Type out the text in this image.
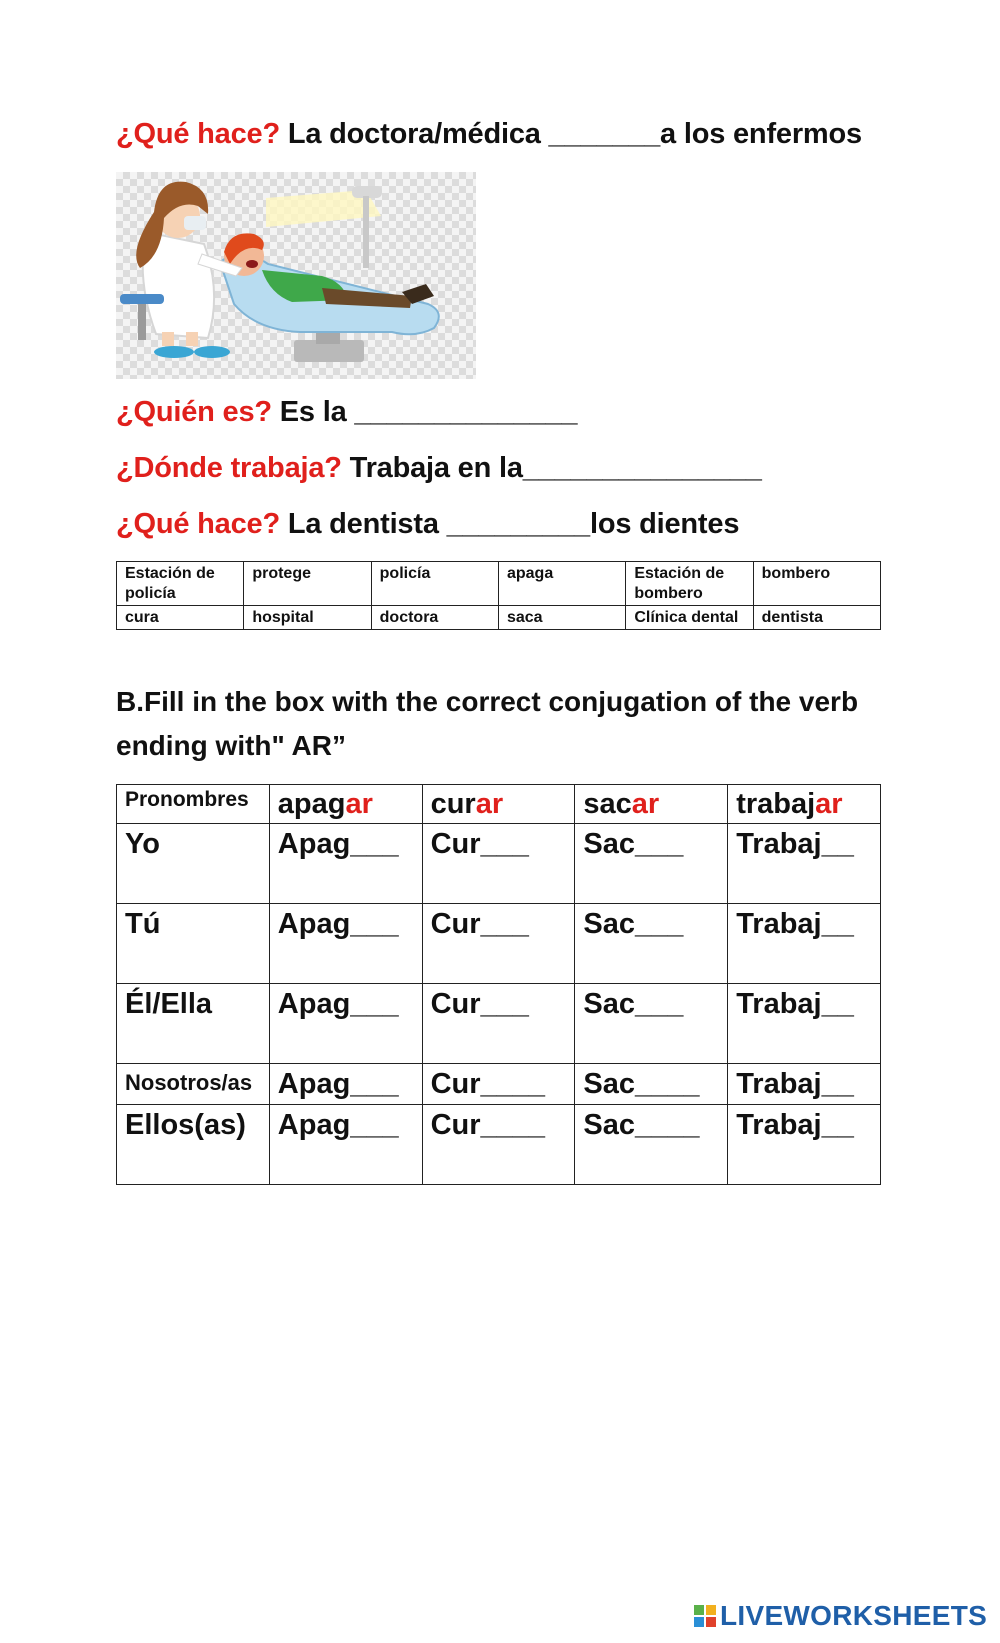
¿Qué hace? La doctora/médica _______a los enfermos
¿Quién es? Es la ______________
¿Dónde trabaja? Trabaja en la_______________
¿Qué hace? La dentista _________los dientes
Estación de policía	protege	policía	apaga	Estación de bombero	bombero
cura	hospital	doctora	saca	Clínica dental	dentista
B.Fill in the box with the correct conjugation of the verb ending with" AR”
Pronombres	apagar	curar	sacar	trabajar
Yo	Apag___	Cur___	Sac___	Trabaj__
Tú	Apag___	Cur___	Sac___	Trabaj__
Él/Ella	Apag___	Cur___	Sac___	Trabaj__
Nosotros/as	Apag___	Cur____	Sac____	Trabaj__
Ellos(as)	Apag___	Cur____	Sac____	Trabaj__
LIVEWORKSHEETS
